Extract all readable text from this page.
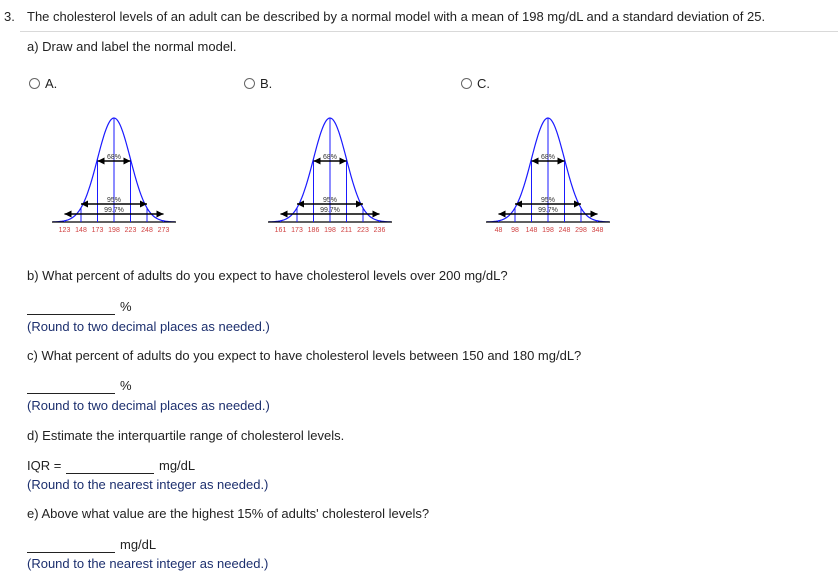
3. The cholesterol levels of an adult can be described by a normal model with a mean of 198 mg/dL and a standard deviation of 25.
a) Draw and label the normal model.
A.
68%
95%
99.7%
123 148 173 198 223 248 273
B.
68%
95%
99.7%
161 173 186 198 211 223 236
C.
68%
95%
99.7%
48 98 148 198 248 298 348
b) What percent of adults do you expect to have cholesterol levels over 200 mg/dL?
%
(Round to two decimal places as needed.)
c) What percent of adults do you expect to have cholesterol levels between 150 and 180 mg/dL?
%
(Round to two decimal places as needed.)
d) Estimate the interquartile range of cholesterol levels.
IQR =	mg/dL
(Round to the nearest integer as needed.)
e) Above what value are the highest 15% of adults' cholesterol levels?
mg/dL
(Round to the nearest integer as needed.)
